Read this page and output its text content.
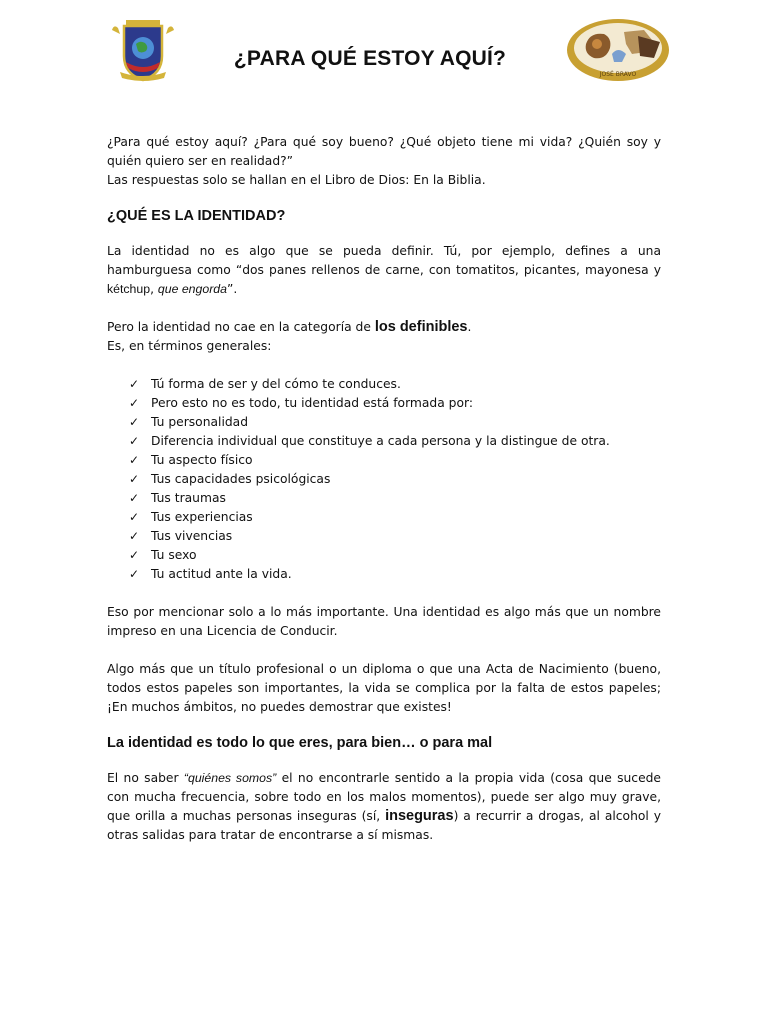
¿PARA QUÉ ESTOY AQUÍ?
JOSÉ BRAVO

¿Para qué estoy aquí? ¿Para qué soy bueno? ¿Qué objeto tiene mi vida? ¿Quién soy y quién quiero ser en realidad?”

Las respuestas solo se hallan en el Libro de Dios: En la Biblia.

¿QUÉ ES LA IDENTIDAD?

La identidad no es algo que se pueda definir. Tú, por ejemplo, defines a una hamburguesa como “dos panes rellenos de carne, con tomatitos, picantes, mayonesa y kétchup, que engorda”.

Pero la identidad no cae en la categoría de los definibles.

Es, en términos generales:

✓ Tú forma de ser y del cómo te conduces.
✓ Pero esto no es todo, tu identidad está formada por:
✓ Tu personalidad
✓ Diferencia individual que constituye a cada persona y la distingue de otra.
✓ Tu aspecto físico
✓ Tus capacidades psicológicas
✓ Tus traumas
✓ Tus experiencias
✓ Tus vivencias
✓ Tu sexo
✓ Tu actitud ante la vida.

Eso por mencionar solo a lo más importante. Una identidad es algo más que un nombre impreso en una Licencia de Conducir.

Algo más que un título profesional o un diploma o que una Acta de Nacimiento (bueno, todos estos papeles son importantes, la vida se complica por la falta de estos papeles; ¡En muchos ámbitos, no puedes demostrar que existes!

La identidad es todo lo que eres, para bien… o para mal

El no saber “quiénes somos” el no encontrarle sentido a la propia vida (cosa que sucede con mucha frecuencia, sobre todo en los malos momentos), puede ser algo muy grave, que orilla a muchas personas inseguras (sí, inseguras) a recurrir a drogas, al alcohol y otras salidas para tratar de encontrarse a sí mismas.
